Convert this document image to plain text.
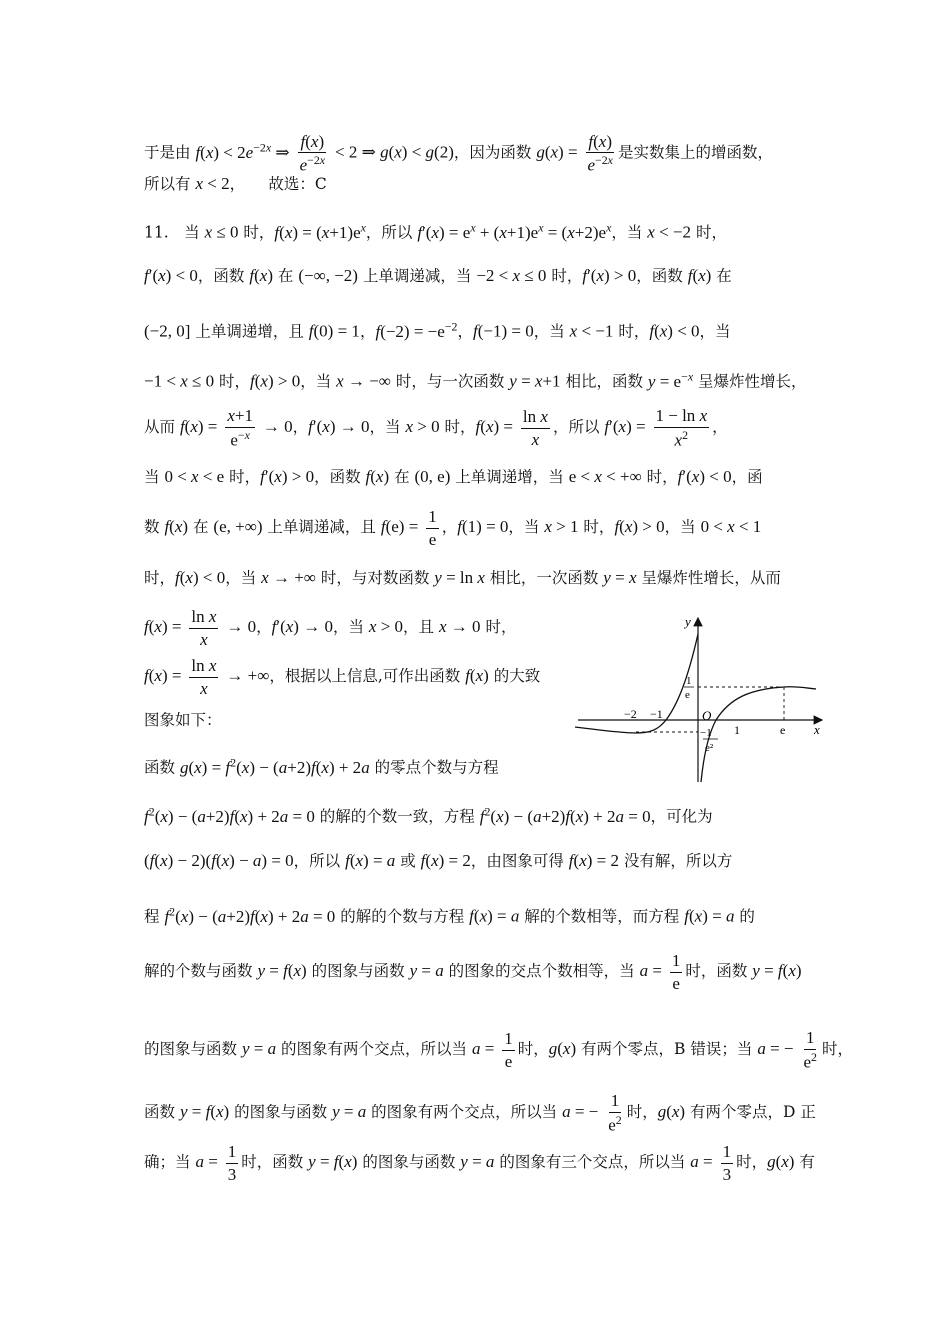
于是由 $f(x) < 2e^{-2x}$ ⇒ $\frac{f(x)}{e^{-2x}} < 2$ ⇒ g(x) < g(2)，因为函数 $g(x) = \frac{f(x)}{e^{-2x}}$ 是实数集上的增函数，
所以有 x < 2，　　故选：C
11.　当 x ≤ 0 时，$f(x) = (x+1)e^x$，所以 $f'(x) = e^x + (x+1)e^x = (x+2)e^x$，当 x < −2 时，
f′(x) < 0，函数 f(x) 在 (−∞, −2) 上单调递减，当 −2 < x ≤ 0 时，f′(x) > 0，函数 f(x) 在
(−2, 0] 上单调递增，且 f(0) = 1，$f(-2) = -e^{-2}$，f(−1) = 0，当 x < −1 时，f(x) < 0，当
−1 < x ≤ 0 时，f(x) > 0，当 x → −∞ 时，与一次函数 y = x+1 相比，函数 $y = e^{-x}$ 呈爆炸性增长，
从而 $f(x) = \frac{x+1}{e^{-x}} \to 0$，f′(x) → 0，当 x > 0 时，$f(x) = \frac{\text{ln x}}{x}$ ，所以 $f'(x) = \frac{\text{1 − ln x}}{x^2}$ ，
当 0 < x < e 时，f′(x) > 0，函数 f(x) 在 (0, e) 上单调递增，当 e < x < +∞ 时，f′(x) < 0，函
数 f(x) 在 (e, +∞) 上单调递减，且 $f(e) = \frac{1}{e}$ ，f(1) = 0，当 x > 1 时，f(x) > 0，当 0 < x < 1
时，f(x) < 0，当 x → +∞ 时，与对数函数 y = ln x 相比，一次函数 y = x 呈爆炸性增长，从而
$f(x) = \frac{\text{ln x}}{x} \to 0$，f′(x) → 0，当 x > 0，且 x → 0 时，
$f(x) = \frac{\text{ln x}}{x}$ → +∞，根据以上信息,可作出函数 f(x) 的大致
图象如下：
函数 $g(x) = f^2(x) - (a+2)f(x) + 2a$ 的零点个数与方程
y
x
O
−2 −1
1	e
1
e
−1
e²
$f^2(x) - (a+2)f(x) + 2a = 0$ 的解的个数一致，方程 $f^2(x) - (a+2)f(x) + 2a = 0$，可化为
(f(x) − 2)(f(x) − a) = 0，所以 f(x) = a 或 f(x) = 2，由图象可得 f(x) = 2 没有解，所以方
程 $f^2(x) - (a+2)f(x) + 2a = 0$ 的解的个数与方程 f(x) = a 解的个数相等，而方程 f(x) = a 的
解的个数与函数 y = f(x) 的图象与函数 y = a 的图象的交点个数相等，当 $a = \frac{1}{e}$ 时，函数 y = f(x)
的图象与函数 y = a 的图象有两个交点，所以当 $a = \frac{1}{e}$ 时，g(x) 有两个零点，B 错误；当 a = − $\frac{1}{e^2}$ 时，
函数 y = f(x) 的图象与函数 y = a 的图象有两个交点，所以当 a = − $\frac{1}{e^2}$ 时，g(x) 有两个零点，D 正
确；当 $a = \frac{1}{3}$ 时，函数 y = f(x) 的图象与函数 y = a 的图象有三个交点，所以当 $a = \frac{1}{3}$ 时，g(x) 有
